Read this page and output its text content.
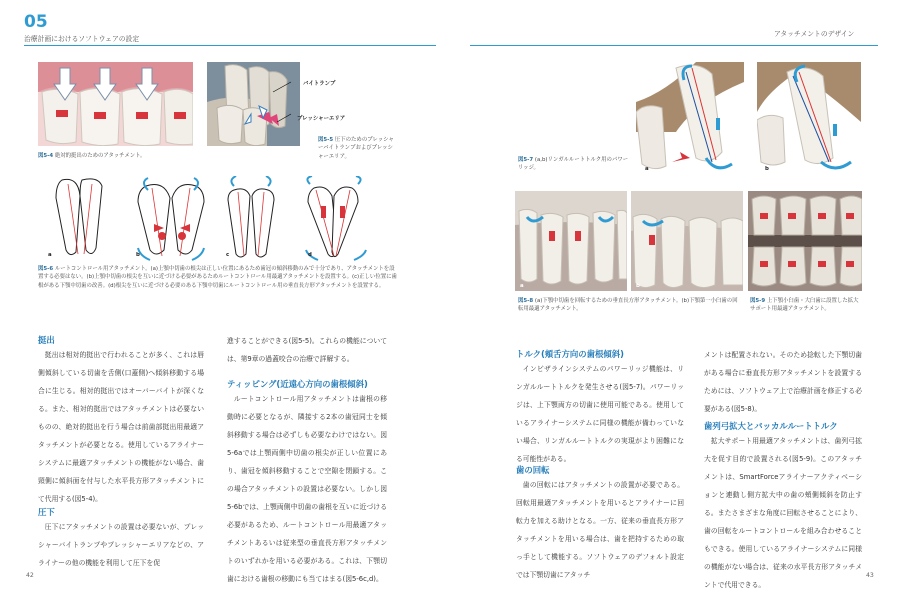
05
治療計画におけるソフトウェアの設定
アタッチメントのデザイン
図5-4 絶対的挺出のためのアタッチメント。
バイトランプ
プレッシャーエリア
図5-5 圧下のためのプレッシャーバイトランプおよびプレッシャーエリア。
a	b	c	d
図5-6 ルートコントロール用アタッチメント。(a)上顎中切歯の根尖は正しい位置にあるため歯冠の傾斜移動のみで十分であり、アタッチメントを設置する必要はない。(b)上顎中切歯の根尖を互いに近づける必要があるためルートコントロール用最適アタッチメントを設置する。(c)正しい位置に歯根がある下顎中切歯の改善。(d)根尖を互いに近づける必要のある下顎中切歯にルートコントロール用の垂直長方形アタッチメントを設置する。
a	b
図5-7 (a,b)リンガルルートトルク用のパワーリッジ。
a	b
図5-8 (a)下顎中切歯を回転するための垂直長方形アタッチメント。(b)下顎第一小臼歯の回転用最適アタッチメント。
図5-9 上下顎小臼歯・大臼歯に設置した拡大サポート用最適アタッチメント。
挺出
挺出は相対的挺出で行われることが多く、これは唇側傾斜している切歯を舌側(口蓋側)へ傾斜移動する場合に生じる。相対的挺出ではオーバーバイトが深くなる。また、相対的挺出ではアタッチメントは必要ないものの、絶対的挺出を行う場合は前歯部挺出用最適アタッチメントが必要となる。使用しているアライナーシステムに最適アタッチメントの機能がない場合、歯頸側に傾斜面を付与した水平長方形アタッチメントにて代用する(図5-4)。
圧下
圧下にアタッチメントの設置は必要ないが、プレッシャーバイトランプやプレッシャーエリアなどの、アライナーの他の機能を利用して圧下を促
進することができる(図5-5)。これらの機能については、第9章の過蓋咬合の治療で詳解する。
ティッピング(近遠心方向の歯根傾斜)
ルートコントロール用アタッチメントは歯根の移動時に必要となるが、隣接する2本の歯冠同士を傾斜移動する場合は必ずしも必要なわけではない。図5-6aでは上顎両側中切歯の根尖が正しい位置にあり、歯冠を傾斜移動することで空隙を閉鎖する。この場合アタッチメントの設置は必要ない。しかし図5-6bでは、上顎両側中切歯の歯根を互いに近づける必要があるため、ルートコントロール用最適アタッチメントあるいは従来型の垂直長方形アタッチメントのいずれかを用いる必要がある。これは、下顎切歯における歯根の移動にも当てはまる(図5-6c,d)。
トルク(頬舌方向の歯根傾斜)
インビザラインシステムのパワーリッジ機能は、リンガルルートトルクを発生させる(図5-7)。パワーリッジは、上下顎両方の切歯に使用可能である。使用しているアライナーシステムに同様の機能が備わっていない場合、リンガルルートトルクの実現がより困難になる可能性がある。
歯の回転
歯の回転にはアタッチメントの設置が必要である。回転用最適アタッチメントを用いるとアライナーに回転力を加える助けとなる。一方、従来の垂直長方形アタッチメントを用いる場合は、歯を把持するための取っ手として機能する。ソフトウェアのデフォルト設定では下顎切歯にアタッチ
メントは配置されない。そのため捻転した下顎切歯がある場合に垂直長方形アタッチメントを設置するためには、ソフトウェア上で治療計画を修正する必要がある(図5-8)。
歯列弓拡大とバッカルルートトルク
拡大サポート用最適アタッチメントは、歯列弓拡大を促す目的で設置される(図5-9)。このアタッチメントは、SmartForceアライナーアクティベーションと連動し側方拡大中の歯の頬側傾斜を防止する。またさまざまな角度に回転させることにより、歯の回転をルートコントロールを組み合わせることもできる。使用しているアライナーシステムに同様の機能がない場合は、従来の水平長方形アタッチメントで代用できる。
42	43
